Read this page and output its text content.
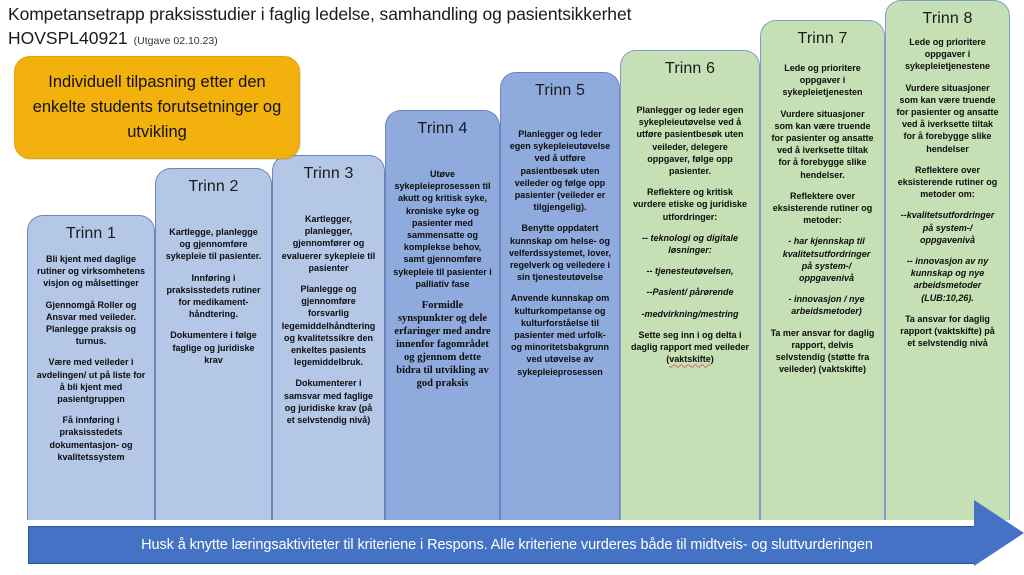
Kompetansetrapp praksisstudier i faglig ledelse, samhandling og pasientsikkerhet
HOVSPL40921 (Utgave 02.10.23)
Individuell tilpasning etter den enkelte students forutsetninger og utvikling
Trinn 1

Bli kjent med daglige rutiner og virksomhetens visjon og målsettinger

Gjennomgå Roller og Ansvar med veileder. Planlegge praksis og turnus.

Være med veileder i avdelingen/ ut på liste for å bli kjent med pasientgruppen

Få innføring i praksisstedets dokumentasjon- og kvalitetssystem

Trinn 2

Kartlegge, planlegge og gjennomføre sykepleie til pasienter.

Innføring i praksisstedets rutiner for medikament-håndtering.

Dokumentere i følge faglige og juridiske krav

Trinn 3

Kartlegger, planlegger, gjennomfører og evaluerer sykepleie til pasienter

Planlegge og gjennomføre forsvarlig legemiddelhåndtering og kvalitetssikre den enkeltes pasients legemiddelbruk.

Dokumenterer i samsvar med faglige og juridiske krav (på et selvstendig nivå)

Trinn 4

Utøve sykepleieprosessen til akutt og kritisk syke, kroniske syke og pasienter med sammensatte og komplekse behov, samt gjennomføre sykepleie til pasienter i palliativ fase

Formidle synspunkter og dele erfaringer med andre innenfor fagområdet og gjennom dette bidra til utvikling av god praksis

Trinn 5

Planlegger og leder egen sykepleieutøvelse ved å utføre pasientbesøk uten veileder og følge opp pasienter (veileder er tilgjengelig).

Benytte oppdatert kunnskap om helse- og velferdssystemet, lover, regelverk og veiledere i sin tjenesteutøvelse

Anvende kunnskap om kulturkompetanse og kulturforståelse til pasienter med urfolk- og minoritetsbakgrunn ved utøvelse av sykepleieprosessen

Trinn 6

Planlegger og leder egen sykepleieutøvelse ved å utføre pasientbesøk uten veileder, delegere oppgaver, følge opp pasienter.

Reflektere og kritisk vurdere etiske og juridiske utfordringer:

-- teknologi og digitale løsninger:

-- tjenesteutøvelsen,

--Pasient/ pårørende

-medvirkning/mestring

Sette seg inn i og delta i daglig rapport med veileder (vaktskifte)

Trinn 7

Lede og prioritere oppgaver i sykepleietjenesten

Vurdere situasjoner som kan være truende for pasienter og ansatte ved å iverksette tiltak for å forebygge slike hendelser.

Reflektere over eksisterende rutiner og metoder:

- har kjennskap til kvalitetsutfordringer på system-/ oppgavenivå

- innovasjon / nye arbeidsmetoder)

Ta mer ansvar for daglig rapport, delvis selvstendig (støtte fra veileder) (vaktskifte)

Trinn 8

Lede og prioritere oppgaver i sykepleietjenestene

Vurdere situasjoner som kan være truende for pasienter og ansatte ved å iverksette tiltak for å forebygge slike hendelser

Reflektere over eksisterende rutiner og metoder om:

--kvalitetsutfordringer på system-/ oppgavenivå

-- innovasjon av ny kunnskap og nye arbeidsmetoder (LUB:10,26).

Ta ansvar for daglig rapport (vaktskifte) på et selvstendig nivå

Husk å knytte læringsaktiviteter til kriteriene i Respons. Alle kriteriene vurderes både til midtveis- og sluttvurderingen
